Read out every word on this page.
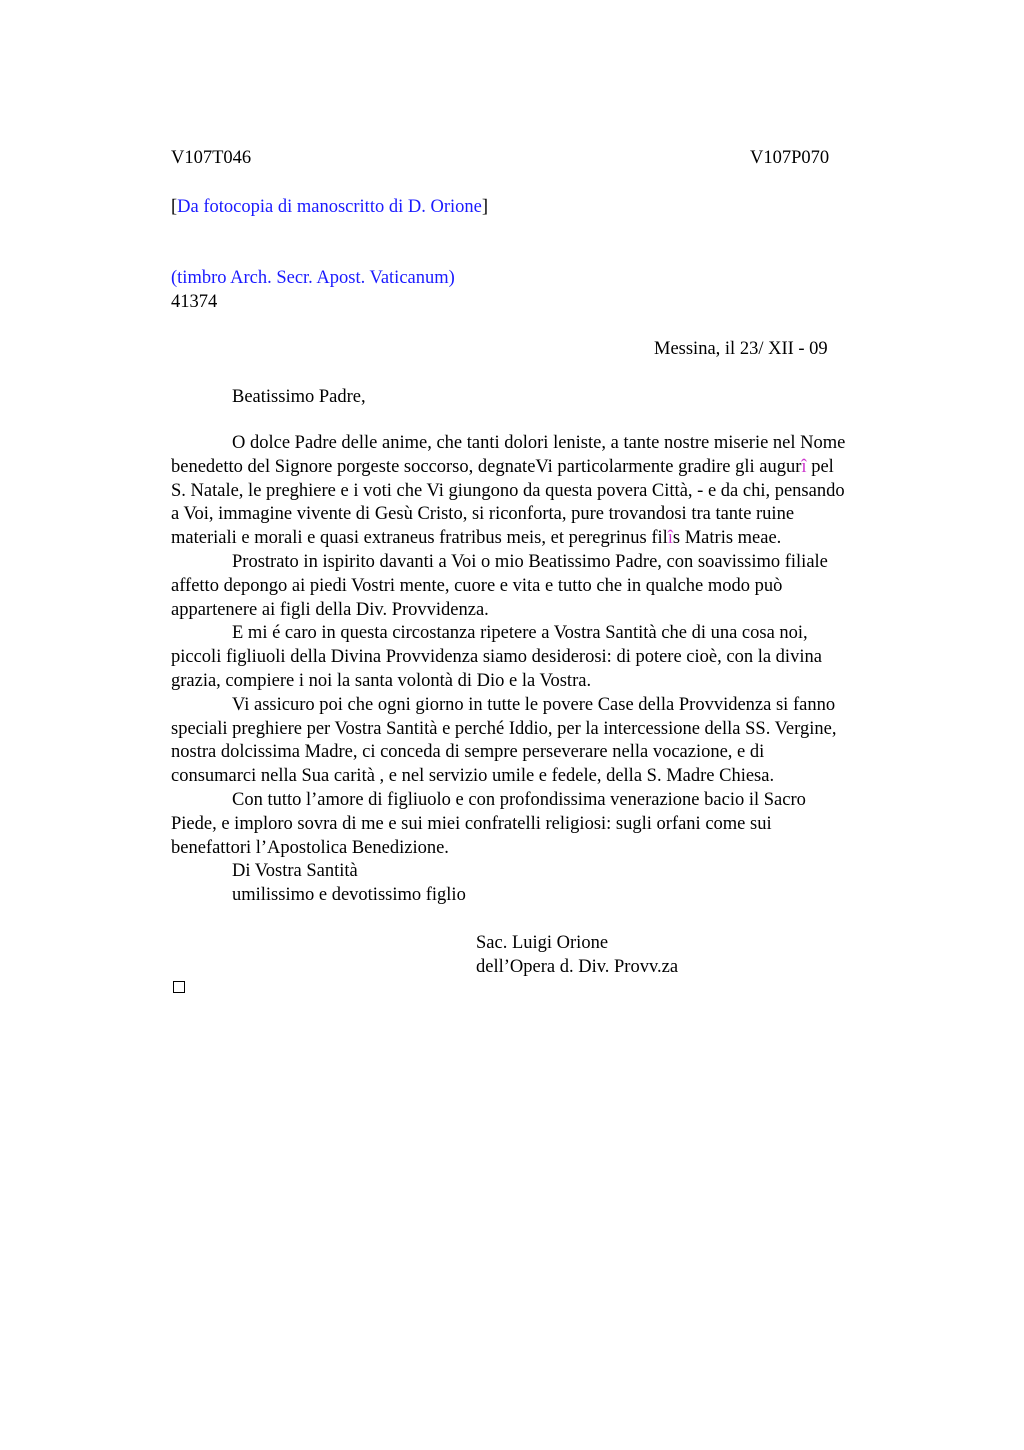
V107T046	V107P070
[Da fotocopia di manoscritto di D. Orione]
(timbro Arch. Secr. Apost. Vaticanum)
41374
Messina, il 23/ XII - 09
Beatissimo Padre,
O dolce Padre delle anime, che tanti dolori leniste, a tante nostre miserie nel Nome
benedetto del Signore porgeste soccorso, degnateVi particolarmente gradire gli augurî pel
S. Natale, le preghiere e i voti che Vi giungono da questa povera Città, - e da chi, pensando
a Voi, immagine vivente di Gesù Cristo, si riconforta, pure trovandosi tra tante ruine
materiali e morali e quasi extraneus fratribus meis, et peregrinus filîs Matris meae.
Prostrato in ispirito davanti a Voi o mio Beatissimo Padre, con soavissimo filiale
affetto depongo ai piedi Vostri mente, cuore e vita e tutto che in qualche modo può
appartenere ai figli della Div. Provvidenza.
E mi é caro in questa circostanza ripetere a Vostra Santità che di una cosa noi,
piccoli figliuoli della Divina Provvidenza siamo desiderosi: di potere cioè, con la divina
grazia, compiere i noi la santa volontà di Dio e la Vostra.
Vi assicuro poi che ogni giorno in tutte le povere Case della Provvidenza si fanno
speciali preghiere per Vostra Santità e perché Iddio, per la intercessione della SS. Vergine,
nostra dolcissima Madre, ci conceda di sempre perseverare nella vocazione, e di
consumarci nella Sua carità , e nel servizio umile e fedele, della S. Madre Chiesa.
Con tutto l’amore di figliuolo e con profondissima venerazione bacio il Sacro
Piede, e imploro sovra di me e sui miei confratelli religiosi: sugli orfani come sui
benefattori l’Apostolica Benedizione.
Di Vostra Santità
umilissimo e devotissimo figlio
Sac. Luigi Orione
dell’Opera d. Div. Provv.za
